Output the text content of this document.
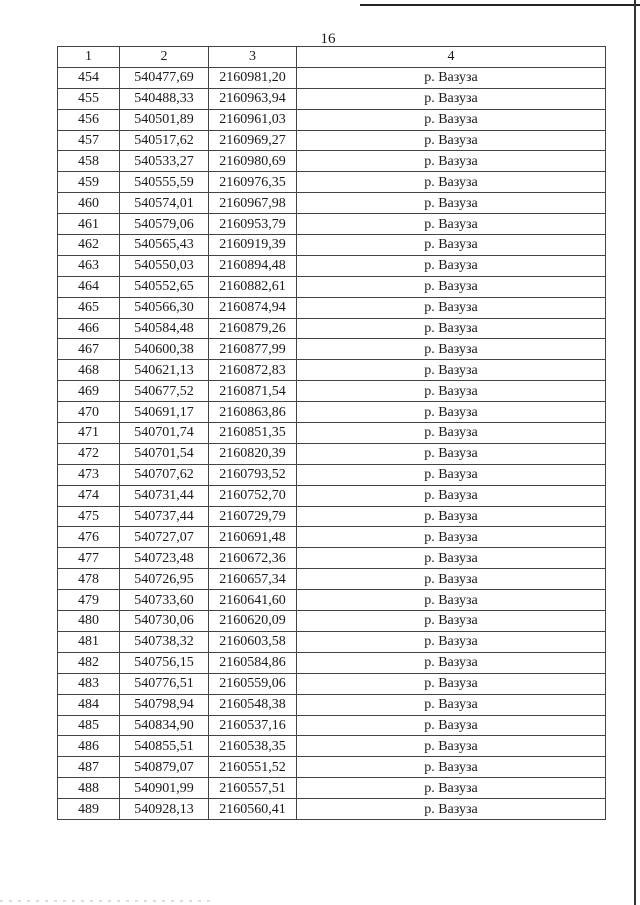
16
1	2	3	4
454	540477,69	2160981,20	р. Вазуза
455	540488,33	2160963,94	р. Вазуза
456	540501,89	2160961,03	р. Вазуза
457	540517,62	2160969,27	р. Вазуза
458	540533,27	2160980,69	р. Вазуза
459	540555,59	2160976,35	р. Вазуза
460	540574,01	2160967,98	р. Вазуза
461	540579,06	2160953,79	р. Вазуза
462	540565,43	2160919,39	р. Вазуза
463	540550,03	2160894,48	р. Вазуза
464	540552,65	2160882,61	р. Вазуза
465	540566,30	2160874,94	р. Вазуза
466	540584,48	2160879,26	р. Вазуза
467	540600,38	2160877,99	р. Вазуза
468	540621,13	2160872,83	р. Вазуза
469	540677,52	2160871,54	р. Вазуза
470	540691,17	2160863,86	р. Вазуза
471	540701,74	2160851,35	р. Вазуза
472	540701,54	2160820,39	р. Вазуза
473	540707,62	2160793,52	р. Вазуза
474	540731,44	2160752,70	р. Вазуза
475	540737,44	2160729,79	р. Вазуза
476	540727,07	2160691,48	р. Вазуза
477	540723,48	2160672,36	р. Вазуза
478	540726,95	2160657,34	р. Вазуза
479	540733,60	2160641,60	р. Вазуза
480	540730,06	2160620,09	р. Вазуза
481	540738,32	2160603,58	р. Вазуза
482	540756,15	2160584,86	р. Вазуза
483	540776,51	2160559,06	р. Вазуза
484	540798,94	2160548,38	р. Вазуза
485	540834,90	2160537,16	р. Вазуза
486	540855,51	2160538,35	р. Вазуза
487	540879,07	2160551,52	р. Вазуза
488	540901,99	2160557,51	р. Вазуза
489	540928,13	2160560,41	р. Вазуза
